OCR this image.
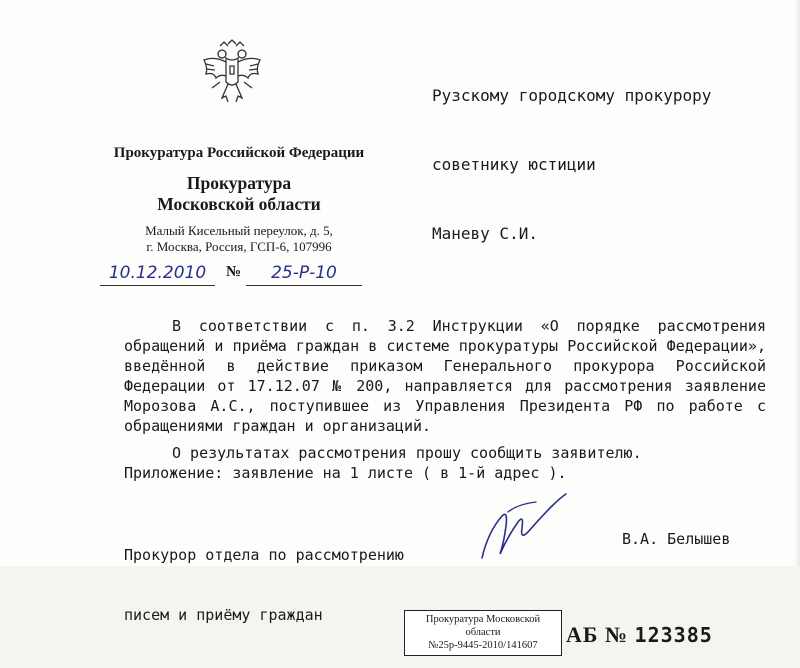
Рузскому городскому прокурору

советнику юстиции

Маневу С.И.

Прокуратура Российской Федерации
Прокуратура
Московской области
Малый Кисельный переулок, д. 5,
г. Москва, Россия, ГСП-6, 107996
10.12.2010	№	25-Р-10
В соответствии с п. 3.2 Инструкции «О порядке рассмотрения обращений и приёма граждан в системе прокуратуры Российской Федерации», введённой в действие приказом Генерального прокурора Российской Федерации от 17.12.07 № 200, направляется для рассмотрения заявление Морозова А.С., поступившее из Управления Президента РФ по работе с обращениями граждан и организаций.
О результатах рассмотрения прошу сообщить заявителю.
Приложение: заявление на 1 листе ( в 1-й адрес ).

Прокурор отдела по рассмотрению

писем и приёму граждан

В.А. Белышев
Прокуратура Московской
области
№25р-9445-2010/141607	АБ № 123385
